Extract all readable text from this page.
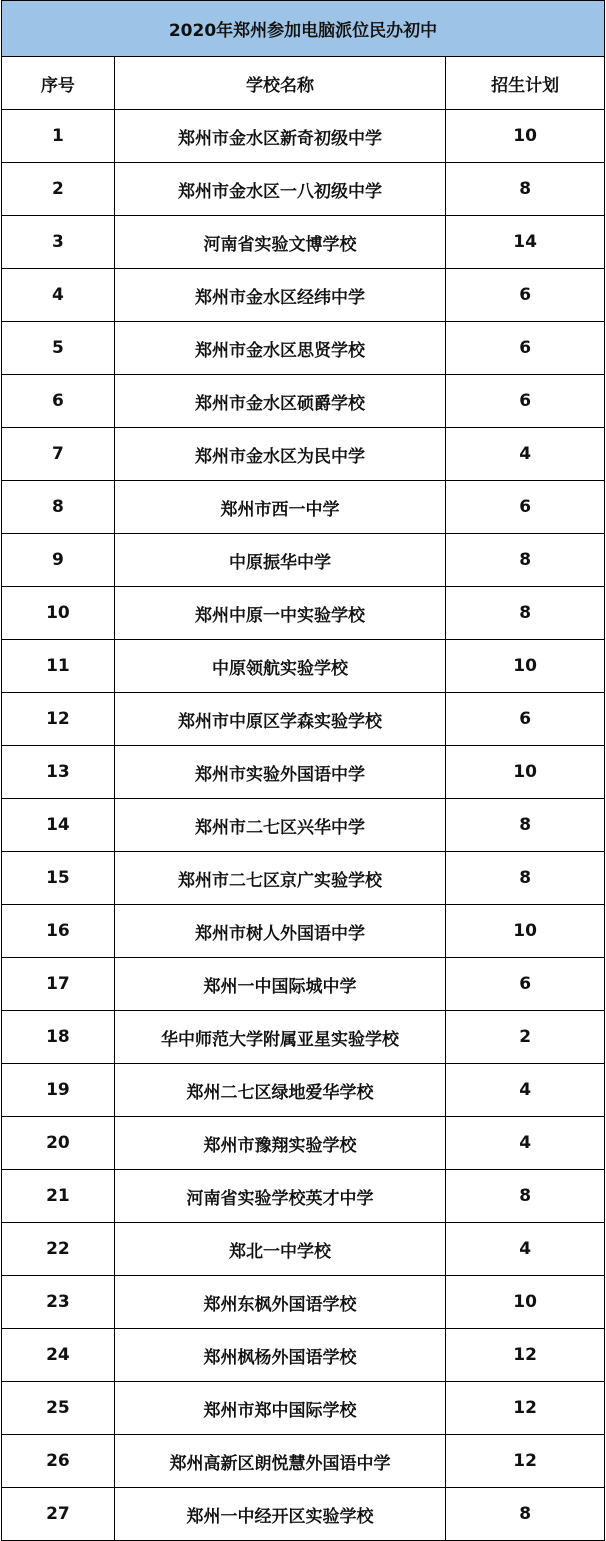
2020年郑州参加电脑派位民办初中
序号	学校名称	招生计划
1	郑州市金水区新奇初级中学	10
2	郑州市金水区一八初级中学	8
3	河南省实验文博学校	14
4	郑州市金水区经纬中学	6
5	郑州市金水区思贤学校	6
6	郑州市金水区硕爵学校	6
7	郑州市金水区为民中学	4
8	郑州市西一中学	6
9	中原振华中学	8
10	郑州中原一中实验学校	8
11	中原领航实验学校	10
12	郑州市中原区学森实验学校	6
13	郑州市实验外国语中学	10
14	郑州市二七区兴华中学	8
15	郑州市二七区京广实验学校	8
16	郑州市树人外国语中学	10
17	郑州一中国际城中学	6
18	华中师范大学附属亚星实验学校	2
19	郑州二七区绿地爱华学校	4
20	郑州市豫翔实验学校	4
21	河南省实验学校英才中学	8
22	郑北一中学校	4
23	郑州东枫外国语学校	10
24	郑州枫杨外国语学校	12
25	郑州市郑中国际学校	12
26	郑州高新区朗悦慧外国语中学	12
27	郑州一中经开区实验学校	8
